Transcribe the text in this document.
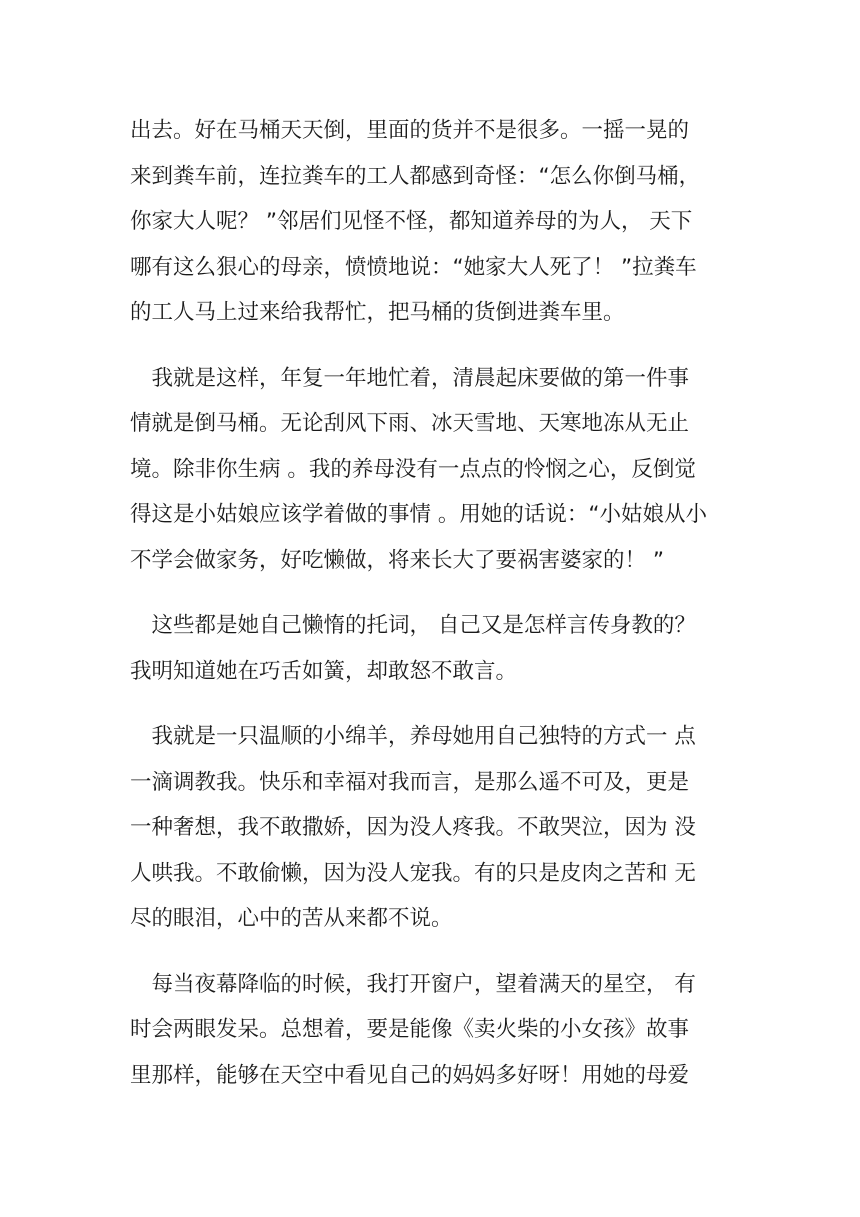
出去。好在马桶天天倒，里面的货并不是很多。一摇一晃的
来到粪车前，连拉粪车的工人都感到奇怪：“怎么你倒马桶，
你家大人呢？ ”邻居们见怪不怪，都知道养母的为人， 天下
哪有这么狠心的母亲，愤愤地说：“她家大人死了！ ”拉粪车
的工人马上过来给我帮忙，把马桶的货倒进粪车里。
　我就是这样，年复一年地忙着，清晨起床要做的第一件事
情就是倒马桶。无论刮风下雨、冰天雪地、天寒地冻从无止
境。除非你生病 。我的养母没有一点点的怜悯之心，反倒觉
得这是小姑娘应该学着做的事情 。用她的话说：“小姑娘从小
不学会做家务，好吃懒做，将来长大了要祸害婆家的！ ”
　这些都是她自己懒惰的托词， 自己又是怎样言传身教的？
我明知道她在巧舌如簧，却敢怒不敢言。
　我就是一只温顺的小绵羊，养母她用自己独特的方式一 点
一滴调教我。快乐和幸福对我而言，是那么遥不可及，更是
一种奢想，我不敢撒娇，因为没人疼我。不敢哭泣，因为 没
人哄我。不敢偷懒，因为没人宠我。有的只是皮肉之苦和 无
尽的眼泪，心中的苦从来都不说。
　每当夜幕降临的时候，我打开窗户，望着满天的星空， 有
时会两眼发呆。总想着，要是能像《卖火柴的小女孩》故事
里那样，能够在天空中看见自己的妈妈多好呀！用她的母爱
